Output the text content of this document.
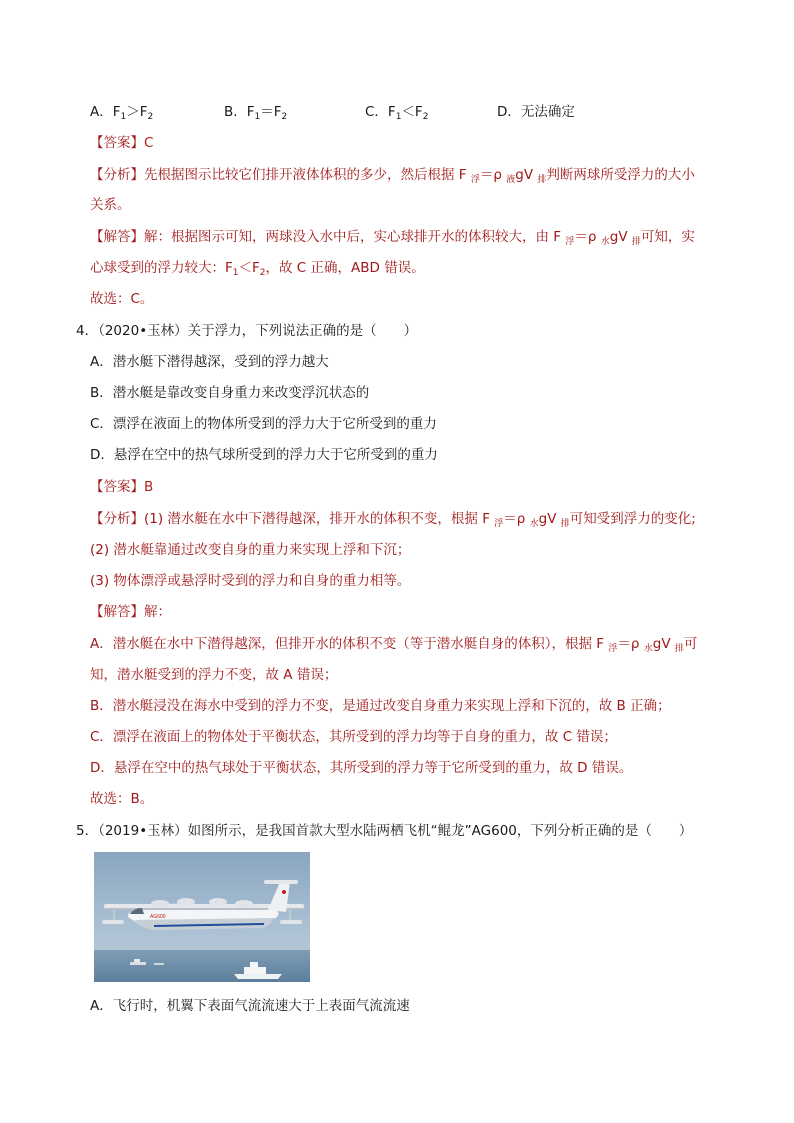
A．$F_1>F_2$	B．$F_1=F_2$	C．$F_1<F_2$	D．无法确定
【答案】C
【分析】先根据图示比较它们排开液体体积的多少，然后根据 F $_浮$＝ρ $_液$gV $_排$判断两球所受浮力的大小
关系。
【解答】解：根据图示可知，两球没入水中后，实心球排开水的体积较大，由 F $_浮$＝ρ $_水$gV $_排$可知，实
心球受到的浮力较大：$F_1<F_2$，故 C 正确，ABD 错误。
故选：C。
4．（2020•玉林）关于浮力，下列说法正确的是（　　）
A．潜水艇下潜得越深，受到的浮力越大
B．潜水艇是靠改变自身重力来改变浮沉状态的
C．漂浮在液面上的物体所受到的浮力大于它所受到的重力
D．悬浮在空中的热气球所受到的浮力大于它所受到的重力
【答案】B
【分析】(1) 潜水艇在水中下潜得越深，排开水的体积不变，根据 F $_浮$＝ρ $_水$gV $_排$可知受到浮力的变化;
(2) 潜水艇靠通过改变自身的重力来实现上浮和下沉；
(3) 物体漂浮或悬浮时受到的浮力和自身的重力相等。
【解答】解：
A．潜水艇在水中下潜得越深，但排开水的体积不变（等于潜水艇自身的体积），根据 F $_浮$＝ρ $_水$gV $_排$可
知，潜水艇受到的浮力不变，故 A 错误；
B．潜水艇浸没在海水中受到的浮力不变，是通过改变自身重力来实现上浮和下沉的，故 B 正确；
C．漂浮在液面上的物体处于平衡状态，其所受到的浮力均等于自身的重力，故 C 错误；
D．悬浮在空中的热气球处于平衡状态，其所受到的浮力等于它所受到的重力，故 D 错误。
故选：B。
5．（2019•玉林）如图所示，是我国首款大型水陆两栖飞机“鲲龙”AG600，下列分析正确的是（　　）
AG600
A．飞行时，机翼下表面气流流速大于上表面气流流速
